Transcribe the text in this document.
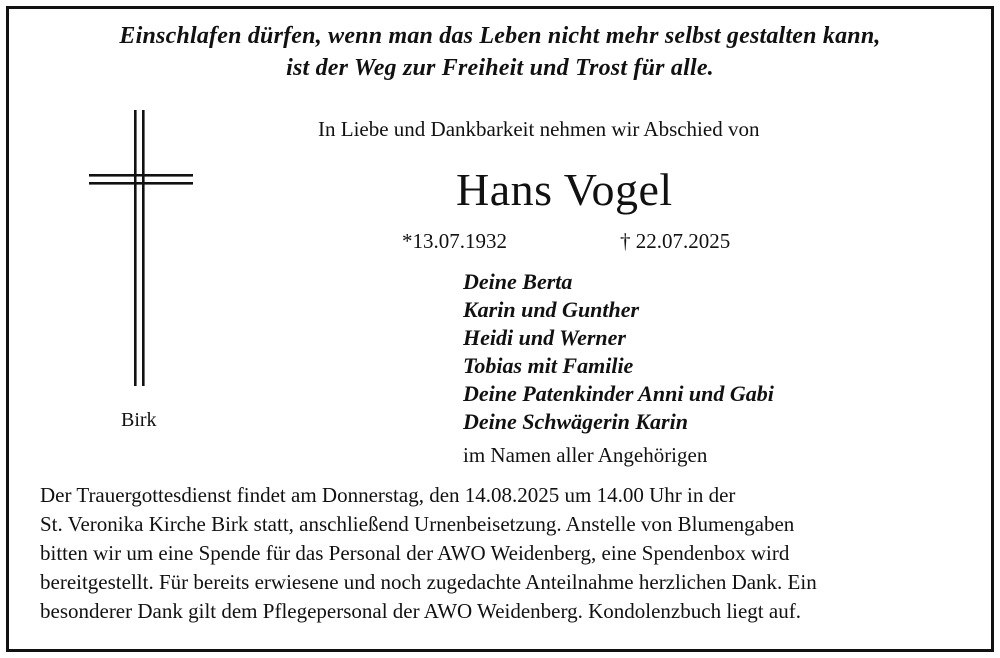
Einschlafen dürfen, wenn man das Leben nicht mehr selbst gestalten kann,
ist der Weg zur Freiheit und Trost für alle.
In Liebe und Dankbarkeit nehmen wir Abschied von
Hans Vogel
*13.07.1932	† 22.07.2025
Birk
Deine Berta
Karin und Gunther
Heidi und Werner
Tobias mit Familie
Deine Patenkinder Anni und Gabi
Deine Schwägerin Karin
im Namen aller Angehörigen
Der Trauergottesdienst findet am Donnerstag, den 14.08.2025 um 14.00 Uhr in der
St. Veronika Kirche Birk statt, anschließend Urnenbeisetzung. Anstelle von Blumengaben
bitten wir um eine Spende für das Personal der AWO Weidenberg, eine Spendenbox wird
bereitgestellt. Für bereits erwiesene und noch zugedachte Anteilnahme herzlichen Dank. Ein
besonderer Dank gilt dem Pflegepersonal der AWO Weidenberg. Kondolenzbuch liegt auf.
